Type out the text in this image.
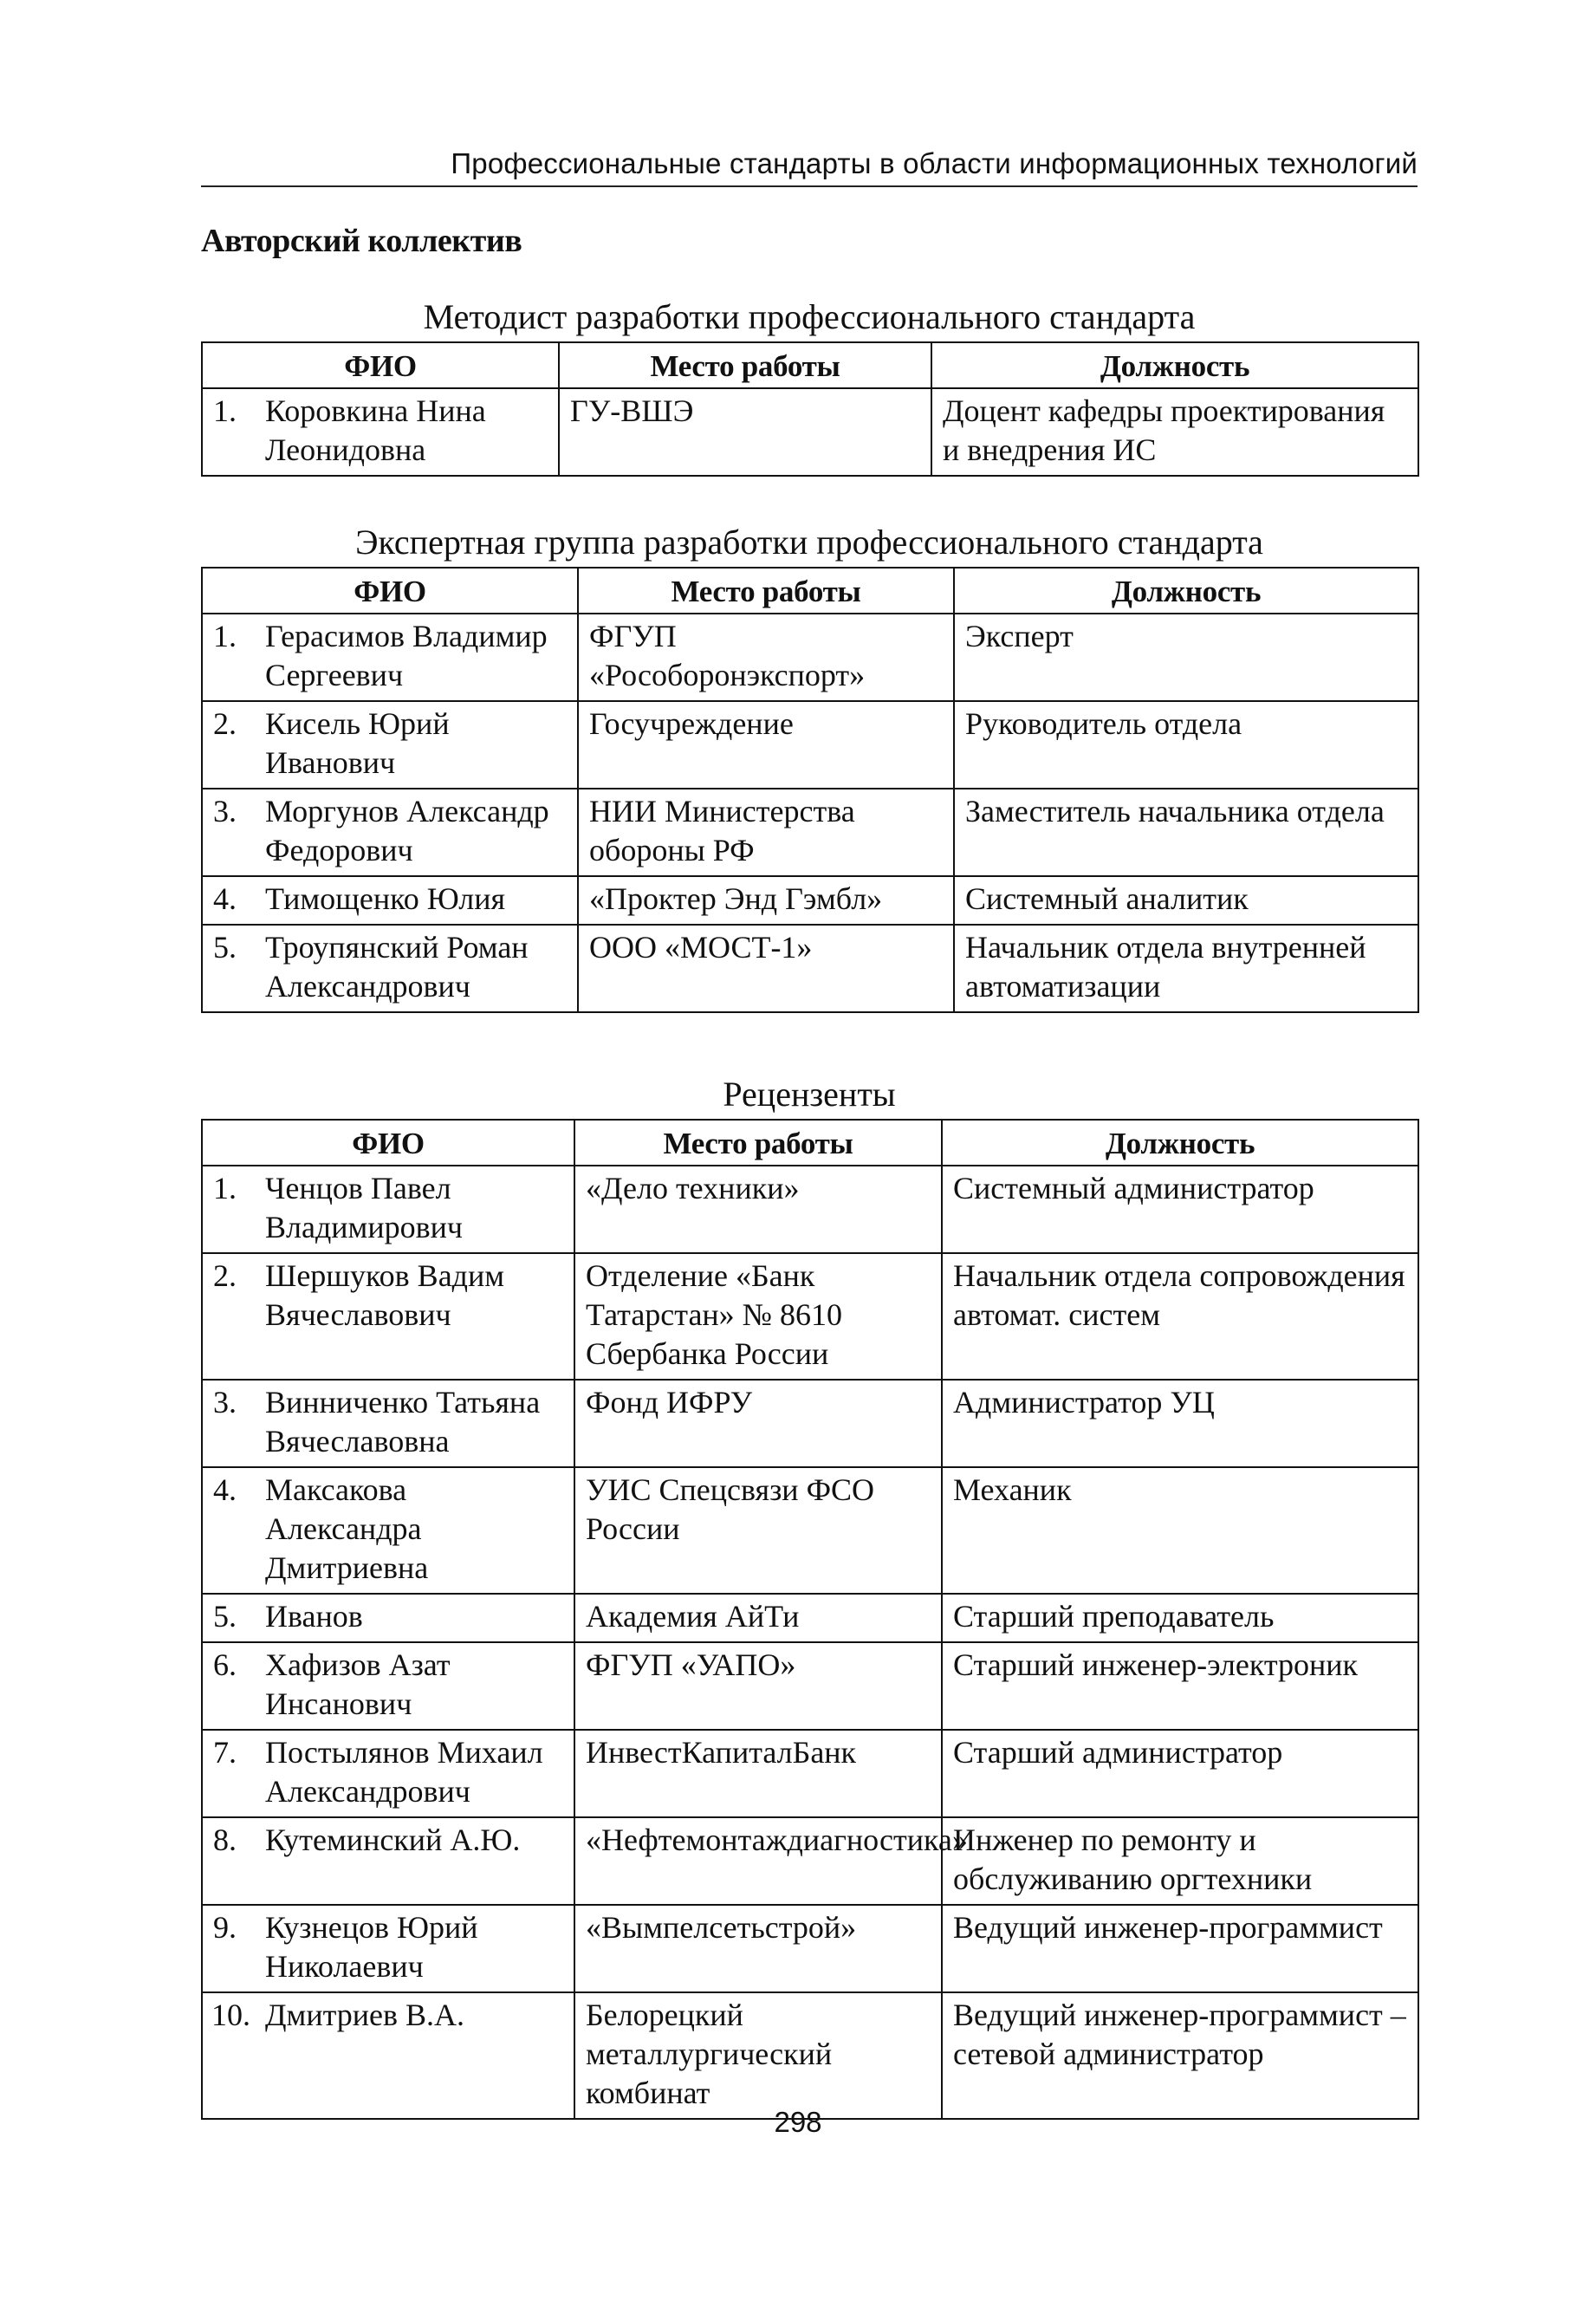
Профессиональные стандарты в области информационных технологий
Авторский коллектив
Методист разработки профессионального стандарта
ФИО	Место работы	Должность

1. Коровкина Нина Леонидовна	ГУ-ВШЭ	Доцент кафедры проектирования и внедрения ИС
Экспертная группа разработки профессионального стандарта
ФИО	Место работы	Должность

1. Герасимов Владимир Сергеевич	ФГУП «Рособоронэкспорт»	Эксперт

2. Кисель Юрий Иванович	Госучреждение	Руководитель отдела

3. Моргунов Александр Федорович	НИИ Министерства обороны РФ	Заместитель начальника отдела

4. Тимощенко Юлия	«Проктер Энд Гэмбл»	Системный аналитик

5. Троупянский Роман Александрович	ООО «МОСТ-1»	Начальник отдела внутренней автоматизации
Рецензенты
ФИО	Место работы	Должность

1. Ченцов Павел Владимирович	«Дело техники»	Системный администратор

2. Шершуков Вадим Вячеславович	Отделение «Банк Татарстан» № 8610 Сбербанка России	Начальник отдела сопровождения автомат. систем

3. Винниченко Татьяна Вячеславовна	Фонд ИФРУ	Администратор УЦ

4. Максакова Александра Дмитриевна	УИС Спецсвязи ФСО России	Механик

5. Иванов	Академия АйТи	Старший преподаватель

6. Хафизов Азат Инсанович	ФГУП «УАПО»	Старший инженер-электроник

7. Постылянов Михаил Александрович	ИнвестКапиталБанк	Старший администратор

8. Кутеминский А.Ю.	«Нефтемонтаждиагностика»	Инженер по ремонту и обслуживанию оргтехники

9. Кузнецов Юрий Николаевич	«Вымпелсетьстрой»	Ведущий инженер-программист

10. Дмитриев В.А.	Белорецкий металлургический комбинат	Ведущий инженер-программист – сетевой администратор
298
